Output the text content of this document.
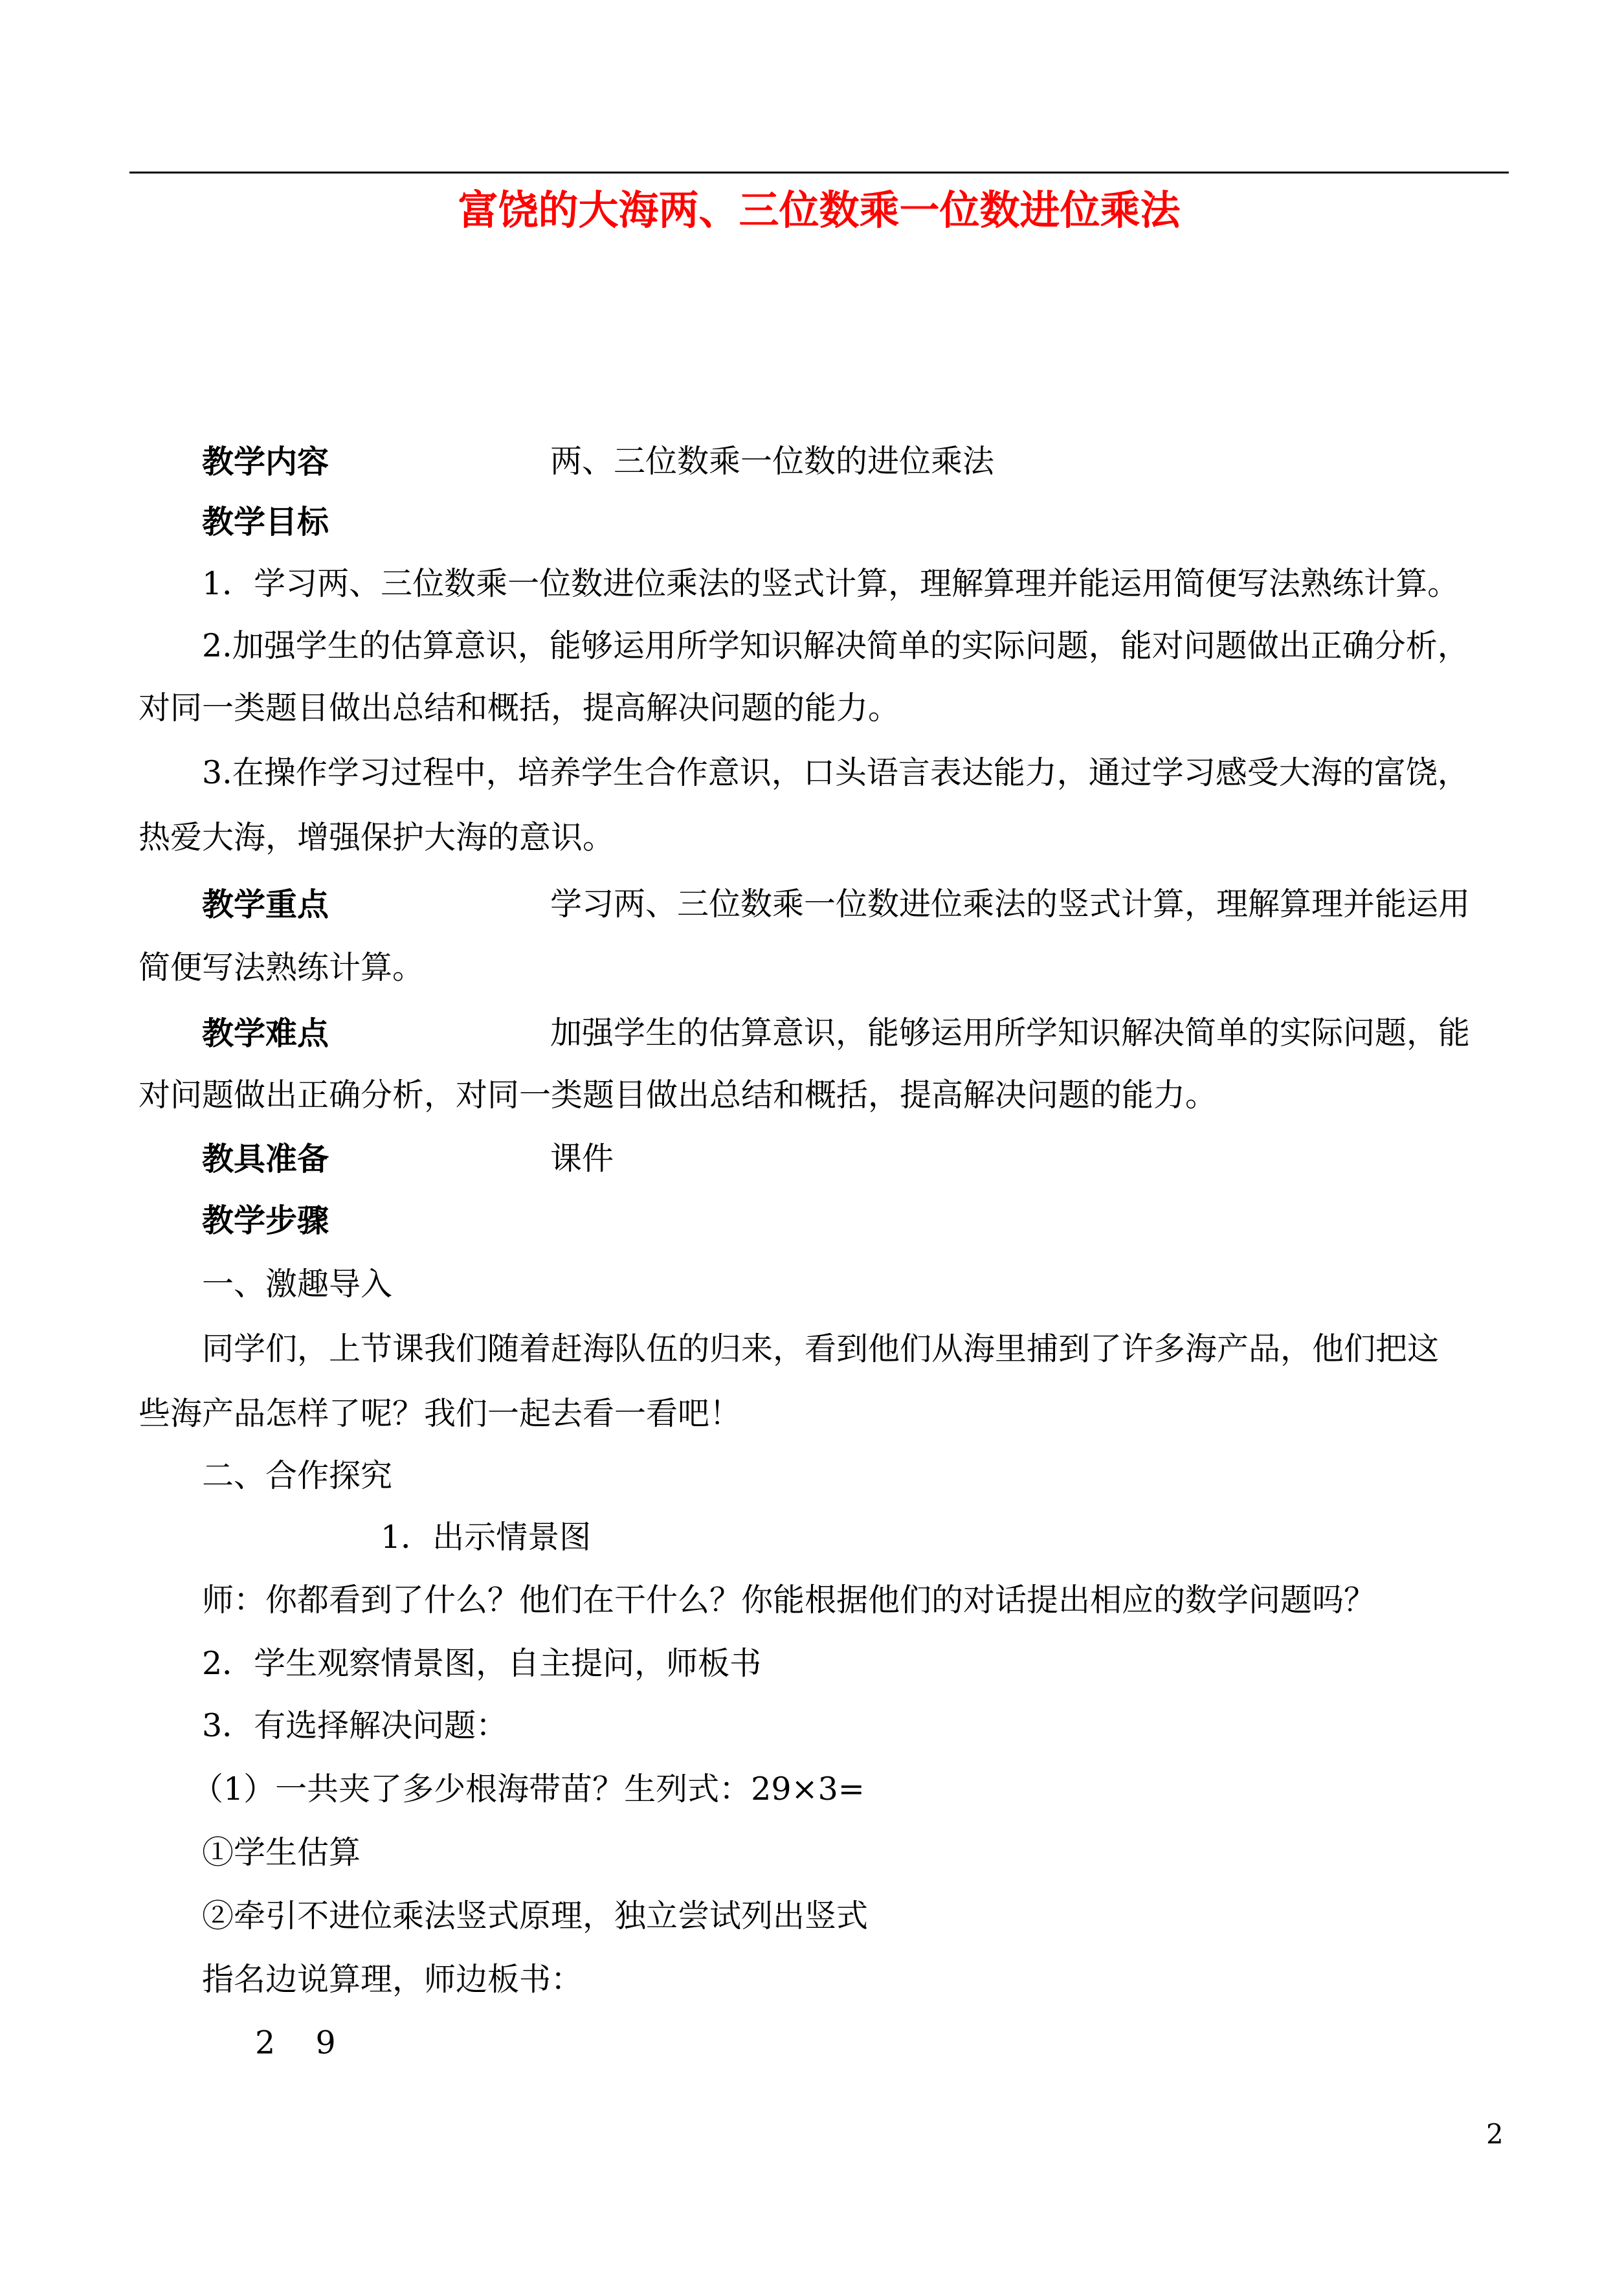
富饶的大海两、三位数乘一位数进位乘法
教学内容	两、三位数乘一位数的进位乘法
教学目标
1．学习两、三位数乘一位数进位乘法的竖式计算，理解算理并能运用简便写法熟练计算。
2.加强学生的估算意识，能够运用所学知识解决简单的实际问题，能对问题做出正确分析，
对同一类题目做出总结和概括，提高解决问题的能力。
3.在操作学习过程中，培养学生合作意识，口头语言表达能力，通过学习感受大海的富饶，
热爱大海，增强保护大海的意识。
教学重点	学习两、三位数乘一位数进位乘法的竖式计算，理解算理并能运用
简便写法熟练计算。
教学难点	加强学生的估算意识，能够运用所学知识解决简单的实际问题，能
对问题做出正确分析，对同一类题目做出总结和概括，提高解决问题的能力。
教具准备	课件
教学步骤
一、激趣导入
同学们，上节课我们随着赶海队伍的归来，看到他们从海里捕到了许多海产品，他们把这
些海产品怎样了呢？我们一起去看一看吧！
二、合作探究
1．出示情景图
师：你都看到了什么？他们在干什么？你能根据他们的对话提出相应的数学问题吗？
2．学生观察情景图，自主提问，师板书
3．有选择解决问题：
（1）一共夹了多少根海带苗？生列式：29×3=
①学生估算
②牵引不进位乘法竖式原理，独立尝试列出竖式
指名边说算理，师边板书：
2    9
2
